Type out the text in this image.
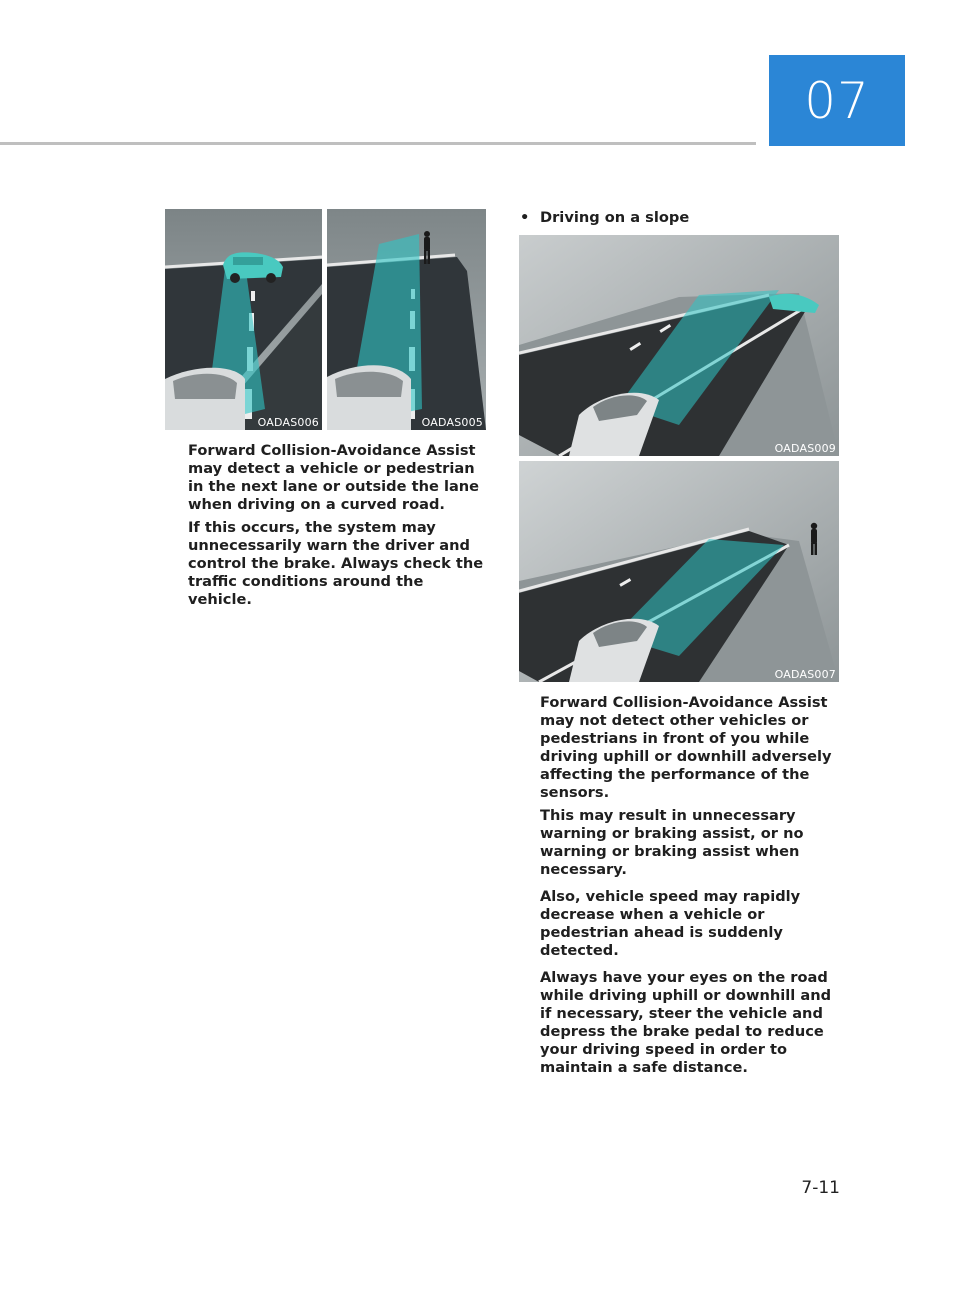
07
OADAS006	OADAS005

Forward Collision-Avoidance Assist may detect a vehicle or pedestrian in the next lane or outside the lane when driving on a curved road.

If this occurs, the system may unnecessarily warn the driver and control the brake. Always check the traffic conditions around the vehicle.

• Driving on a slope

OADAS009
OADAS007

Forward Collision-Avoidance Assist may not detect other vehicles or pedestrians in front of you while driving uphill or downhill adversely affecting the performance of the sensors.

This may result in unnecessary warning or braking assist, or no warning or braking assist when necessary.

Also, vehicle speed may rapidly decrease when a vehicle or pedestrian ahead is suddenly detected.

Always have your eyes on the road while driving uphill or downhill and if necessary, steer the vehicle and depress the brake pedal to reduce your driving speed in order to maintain a safe distance.

7-11
